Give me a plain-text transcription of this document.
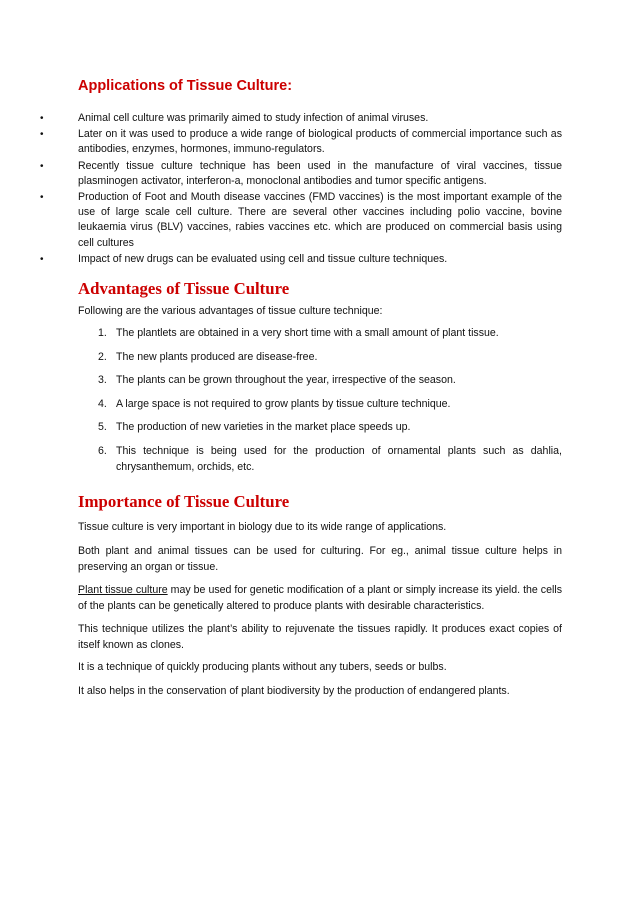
Applications of Tissue Culture:
•	Animal cell culture was primarily aimed to study infection of animal viruses.
•	Later on it was used to produce a wide range of biological products of commercial importance such as antibodies, enzymes, hormones, immuno-regulators.
•	Recently tissue culture technique has been used in the manufacture of viral vaccines, tissue plasminogen activator, interferon-a, monoclonal antibodies and tumor specific antigens.
•	Production of Foot and Mouth disease vaccines (FMD vaccines) is the most important example of the use of large scale cell culture. There are several other vaccines including polio vaccine, bovine leukaemia virus (BLV) vaccines, rabies vaccines etc. which are produced on commercial basis using cell cultures
•	Impact of new drugs can be evaluated using cell and tissue culture techniques.
Advantages of Tissue Culture

Following are the various advantages of tissue culture technique:

1. The plantlets are obtained in a very short time with a small amount of plant tissue.
2. The new plants produced are disease-free.
3. The plants can be grown throughout the year, irrespective of the season.
4. A large space is not required to grow plants by tissue culture technique.
5. The production of new varieties in the market place speeds up.
6. This technique is being used for the production of ornamental plants such as dahlia, chrysanthemum, orchids, etc.
Importance of Tissue Culture

Tissue culture is very important in biology due to its wide range of applications.

Both plant and animal tissues can be used for culturing. For eg., animal tissue culture helps in preserving an organ or tissue.

Plant tissue culture may be used for genetic modification of a plant or simply increase its yield. the cells of the plants can be genetically altered to produce plants with desirable characteristics.

This technique utilizes the plant’s ability to rejuvenate the tissues rapidly. It produces exact copies of itself known as clones.

It is a technique of quickly producing plants without any tubers, seeds or bulbs.

It also helps in the conservation of plant biodiversity by the production of endangered plants.
